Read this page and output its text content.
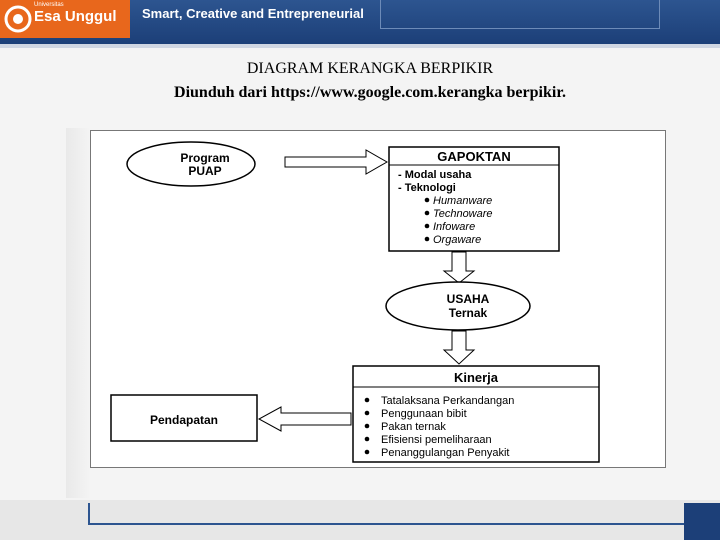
Universitas
Esa Unggul Smart, Creative and Entrepreneurial
DIAGRAM KERANGKA BERPIKIR
Diunduh dari https://www.google.com.kerangka berpikir.
Program
PUAP
GAPOKTAN
- Modal usaha
- Teknologi
Humanware
Technoware
Infoware
Orgaware
USAHA
Ternak
Kinerja
Tatalaksana Perkandangan
Penggunaan bibit
Pakan ternak
Efisiensi pemeliharaan
Penanggulangan Penyakit
Pendapatan
